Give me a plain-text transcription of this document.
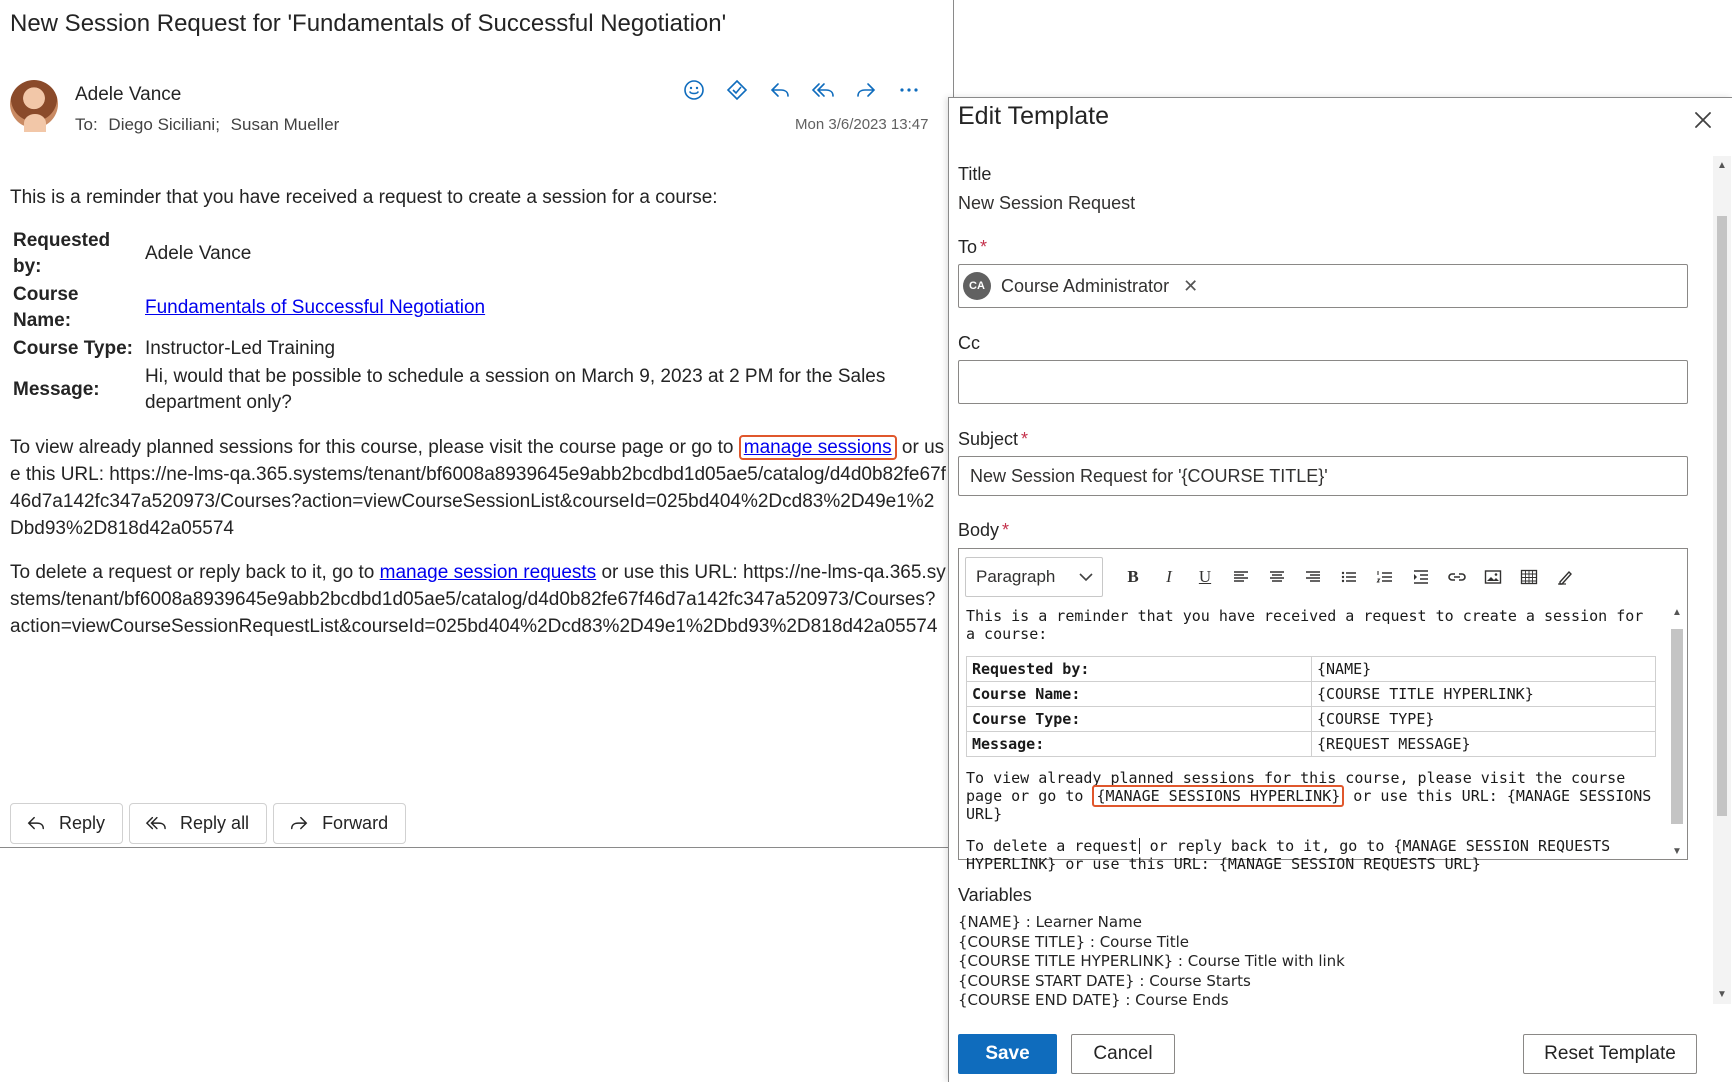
New Session Request for 'Fundamentals of Successful Negotiation'
Adele Vance
To: Diego Siciliani; Susan Mueller	Mon 3/6/2023 13:47

This is a reminder that you have received a request to create a session for a course:

Requested by:	Adele Vance
Course Name:	Fundamentals of Successful Negotiation
Course Type:	Instructor-Led Training
Message:	Hi, would that be possible to schedule a session on March 9, 2023 at 2 PM for the Sales department only?

To view already planned sessions for this course, please visit the course page or go to manage sessions or use this URL: https://ne-lms-qa.365.systems/tenant/bf6008a8939645e9abb2bcdbd1d05ae5/catalog/d4d0b82fe67f46d7a142fc347a520973/Courses?action=viewCourseSessionList&courseId=025bd404%2Dcd83%2D49e1%2Dbd93%2D818d42a05574

To delete a request or reply back to it, go to manage session requests or use this URL: https://ne-lms-qa.365.systems/tenant/bf6008a8939645e9abb2bcdbd1d05ae5/catalog/d4d0b82fe67f46d7a142fc347a520973/Courses?action=viewCourseSessionRequestList&courseId=025bd404%2Dcd83%2D49e1%2Dbd93%2D818d42a05574

Reply	Reply all	Forward
Edit Template
▲
▼
Title
New Session Request
To *
CA Course Administrator ✕
Cc
Subject *
New Session Request for '{COURSE TITLE}'
Body *
Paragraph	B	I	U

This is a reminder that you have received a request to create a session for a course:

Requested by:	{NAME}
Course Name:	{COURSE TITLE HYPERLINK}
Course Type:	{COURSE TYPE}
Message:	{REQUEST MESSAGE}

To view already planned sessions for this course, please visit the course page or go to {MANAGE SESSIONS HYPERLINK} or use this URL: {MANAGE SESSIONS URL}

To delete a request or reply back to it, go to {MANAGE SESSION REQUESTS HYPERLINK} or use this URL: {MANAGE SESSION REQUESTS URL}

▲
▼
Variables
{NAME} : Learner Name
{COURSE TITLE} : Course Title
{COURSE TITLE HYPERLINK} : Course Title with link
{COURSE START DATE} : Course Starts
{COURSE END DATE} : Course Ends
Save	Cancel	Reset Template
